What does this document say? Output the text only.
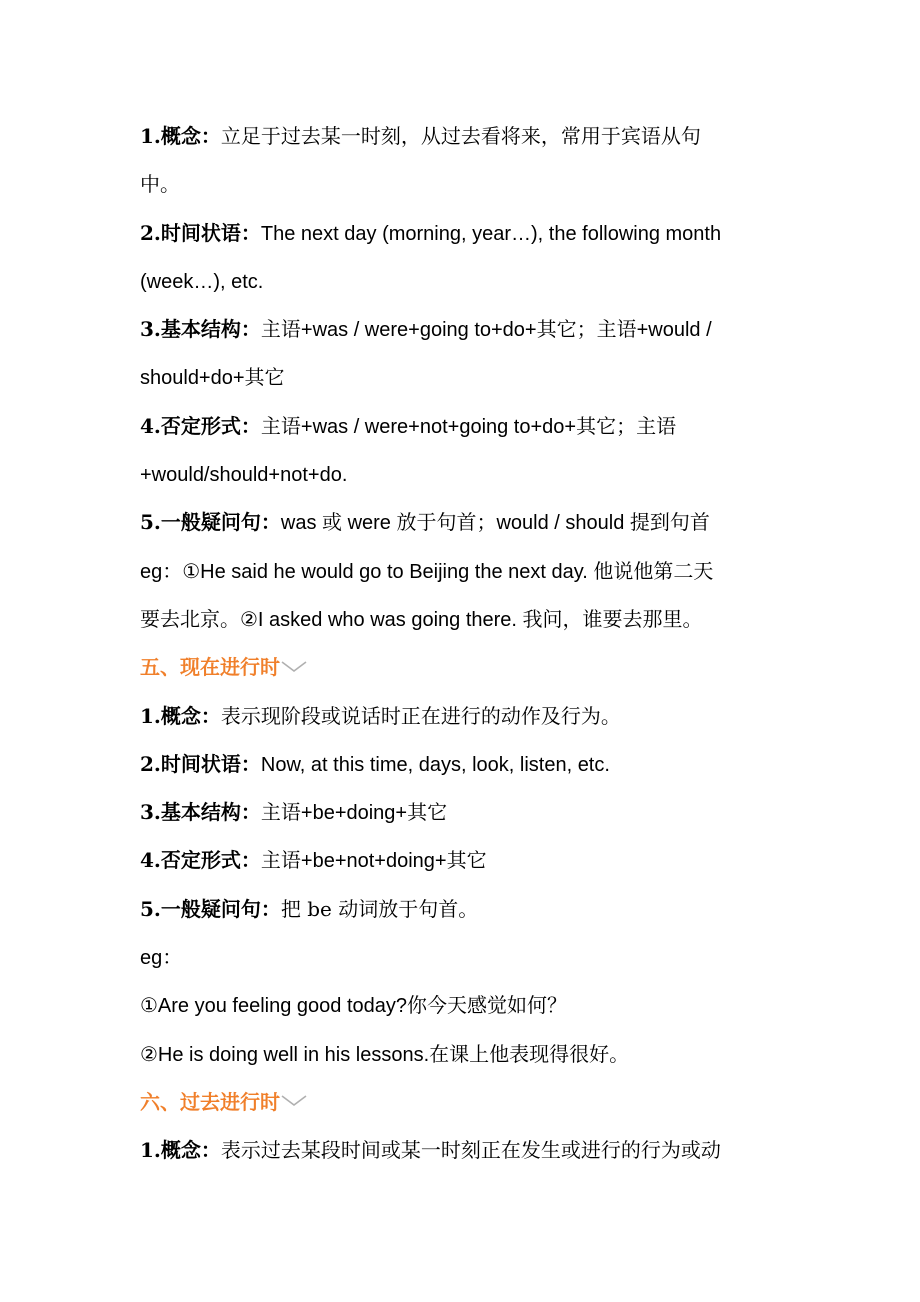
1.概念：立足于过去某一时刻，从过去看将来，常用于宾语从句
中。
2.时间状语：The next day (morning, year…), the following month
(week…), etc.
3.基本结构：主语+was / were+going to+do+其它；主语+would /
should+do+其它
4.否定形式：主语+was / were+not+going to+do+其它；主语
+would/should+not+do.
5.一般疑问句：was 或 were 放于句首；would / should 提到句首
eg：①He said he would go to Beijing the next day. 他说他第二天
要去北京。②I asked who was going there. 我问，谁要去那里。
五、现在进行时
1.概念：表示现阶段或说话时正在进行的动作及行为。
2.时间状语：Now, at this time, days, look, listen, etc.
3.基本结构：主语+be+doing+其它
4.否定形式：主语+be+not+doing+其它
5.一般疑问句：把 be 动词放于句首。
eg：
①Are you feeling good today?你今天感觉如何？
②He is doing well in his lessons.在课上他表现得很好。
六、过去进行时
1.概念：表示过去某段时间或某一时刻正在发生或进行的行为或动
